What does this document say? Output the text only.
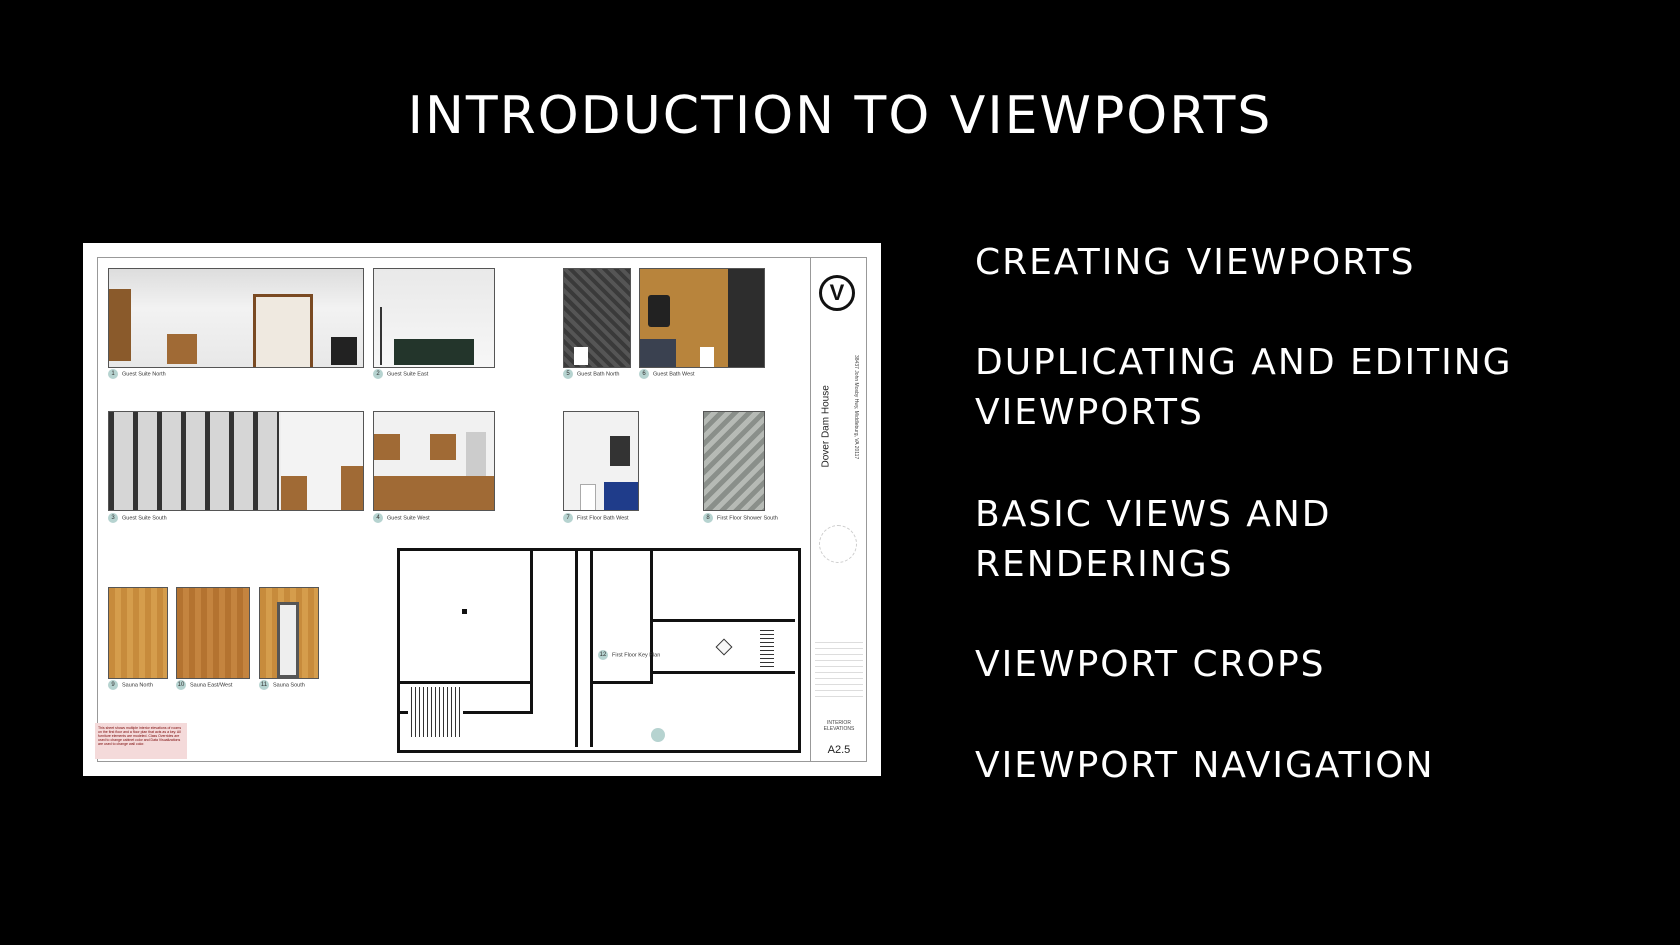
INTRODUCTION TO VIEWPORTS
1 Guest Suite North	2 Guest Suite East	5 Guest Bath North	6 Guest Bath West
3 Guest Suite South	4 Guest Suite West	7 First Floor Bath West	8 First Floor Shower South
9 Sauna North	10 Sauna East/West	11 Sauna South
12 First Floor Key Plan
This sheet shows multiple interior elevations of rooms on the first floor and a floor plan that acts as a key. All furniture elements are modeled. Class Overrides are used to change cabinet color and Data Visualizations are used to change wall color.
V
Dover Dam House	38437 John Mosby Hwy, Middleburg, VA 20117
INTERIOR ELEVATIONS
A2.5
CREATING VIEWPORTS
DUPLICATING AND EDITING
VIEWPORTS
BASIC VIEWS AND
RENDERINGS
VIEWPORT CROPS
VIEWPORT NAVIGATION
